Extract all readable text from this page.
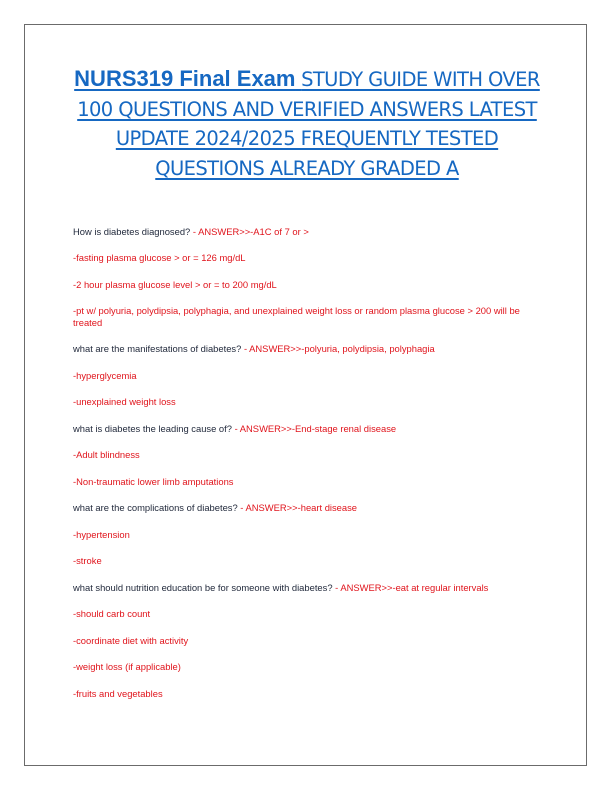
NURS319 Final Exam STUDY GUIDE WITH OVER 100 QUESTIONS AND VERIFIED ANSWERS LATEST UPDATE 2024/2025 FREQUENTLY TESTED QUESTIONS ALREADY GRADED A

How is diabetes diagnosed? - ANSWER>>-A1C of 7 or >

-fasting plasma glucose > or = 126 mg/dL

-2 hour plasma glucose level > or = to 200 mg/dL

-pt w/ polyuria, polydipsia, polyphagia, and unexplained weight loss or random plasma glucose > 200 will be treated

what are the manifestations of diabetes? - ANSWER>>-polyuria, polydipsia, polyphagia

-hyperglycemia

-unexplained weight loss

what is diabetes the leading cause of? - ANSWER>>-End-stage renal disease

-Adult blindness

-Non-traumatic lower limb amputations

what are the complications of diabetes? - ANSWER>>-heart disease

-hypertension

-stroke

what should nutrition education be for someone with diabetes? - ANSWER>>-eat at regular intervals

-should carb count

-coordinate diet with activity

-weight loss (if applicable)

-fruits and vegetables
